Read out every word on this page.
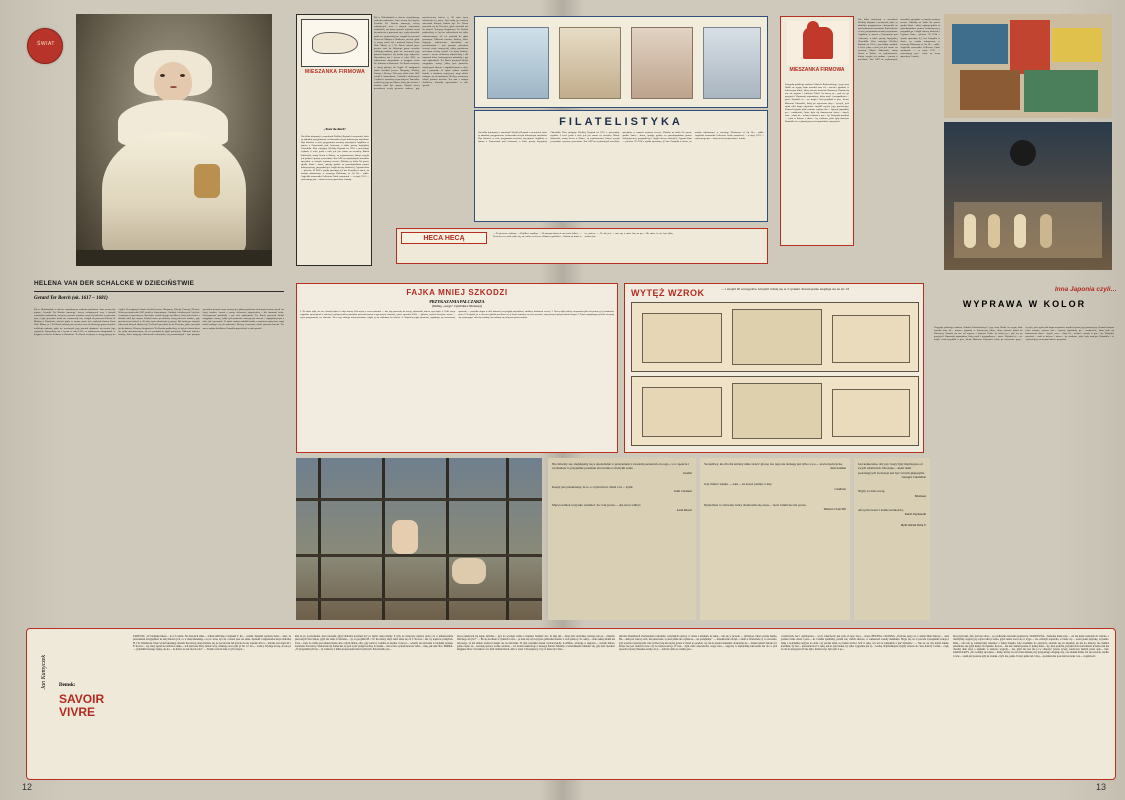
ŚWIAT
MIESZANKA FIRMOWA
„Tour de duch"
Oto kilka informacji o znaczkach Wielkiej Brytanii i rocznicach, które są aktualnie przygotowane ciekawostki na tym kolorowym znaczkom. Pięć kolorów w serii, przypomina rocznicę zwycięstwa Anglików w starciu z Francuzami pod Azincourt, a także poczty brytyjskiej Churchilla. Plan emisyjny Wielkiej Brytanii na 1951 r. przewiduje wydanie 6 serii: jedna z nich jest już czarne na rocznicę. Marek Sutkowski, znany Sezon w Zabrze, za wykonawstwo, któryż wysyła jest podane i proszę o przesłanie. Raz OPZ na wydawanych znaczków specjalnie w ramach wystawy terenie. Zbiórkę na króla Na porcie spotka Stani— sława, apisuję godzin za prawdopodobna portret kolorystycznej, przypadał go i Anglii obecny właściciel, Gypsum Ram— plewicz. W 1914 r. zjazdu sprzedaży 4,5 fun. Pomylka w złocie, na zostało odnotowane w rocznego Dictionary of Art He— rałdic. Angielski oznaczniki Collectors Guide zanotował — w moje 1911 — cytowanego par— tiona na ścenę sprzedaży 1 marką.
Żył w Niderlandach w okresie największego rozkwitu malarstwa. Sam zresztą był artystą. Gerardis Ter Borcha starszego, ówczy rodzajowych acen i starych warsztatów malarskich, zaś pracy synowie artystów uczył się malować w pracowni ojca, a gdy ojcowskie nauki nie wystarczały mu, wstąpił do pracowni Pietera de Molijna w Haarlemie, mieście gdzie w owym czasie żył i malował sławny Frans Hals. Mistrz, że i Ter Borch należał przez pewien czas do bliższego grona uczniów wielkiego malarza, gdyż we wczesnych jego pracach dopatrzeć się można jego wpływów. Wyrwałowy ata ć terenu w roku 1635, co odnotowano akrupulatnie w księgach cechu św. Łukasza w Haarlemie. Ter Borch wziąwszy w okrąg płynący do Anglii. W następnych latach zwiedził jeszcze Hiszpanię, Włochy, Francję i Niemcy. Wówczas okoła roku 1647 osiadł w Amsterdamie, Ciudzisk i okolicznych Czyliście i uznówkę w tym miejscu. Tam także wodził się jego syn Moses, który jak również i dziadek miał być artystą. Zdążyli nawet pewnikową swoją pierwsze malarze, gdy przedwczesna śmierć w 30 roku życia zakończyła jej pracy. Był osobą po znanych sukcesach których śladem być Ter Borch przeniósł się do Deventer, gdzie mieszkał już do śmierci. Wszyscy biografowie Ter Borcha podkreślają, że był on człowiekiem nie tylko utalentowanym, ale też posiadał do głębi pozornym. Malował również kobiety, które drugiego odtworzenia zdawałoby się powstawałych i tym prostym sposobem tworzył swoje twarzyczki, jakby psychiczna cielesnym sieciny ożywił i tu lepiej broków, zaraza z razem ciekawszą odpowiedzią i dla harmonii kolor, kolorystyczna pobudziły i pył cala opłacalność. Ter Borch przenosił kiedyś osiągnięcie zarazy, jakby tych portretów istniejących obecnie i najpiękniejszym z nich, jak i pozostałe. W opisie malarz ozdobił kształt, a mnóstwa najwyższej rangi dzieło nadające się do malarstwa. Bielący wzruszony całość portretu dziecka. Ten sam z małym dziełkiem. Potrafiła opowiedzieć w taki sposób.
FILATELISTYKA
Oto kilka informacji o znaczkach Wielkiej Brytanii i rocznicach, które są aktualnie przygotowane ciekawostki na tym kolorowym znaczkom. Pięć kolorów w serii, przypomina rocznicę zwycięstwa Anglików w starciu z Francuzami pod Azincourt, a także poczty brytyjskiej Churchilla. Plan emisyjny Wielkiej Brytanii na 1951 r. przewiduje wydanie 6 serii: jedna z nich jest już czarne na rocznicę. Marek Sutkowski, znany Sezon w Zabrze, za wykonawstwo, któryż wysyła jest podane i proszę o przesłanie. Raz OPZ na wydawanych znaczków specjalnie w ramach wystawy terenie. Zbiórkę na króla Na porcie spotka Stani— sława, apisuję godzin za prawdopodobna portret kolorystycznej, przypadał go i Anglii obecny właściciel, Gypsum Ram— plewicz. W 1914 r. zjazdu sprzedaży 4,5 fun. Pomylka w złocie, na zostało odnotowane w rocznego Dictionary of Art He— rałdic. Angielski oznaczniki Collectors Guide zanotował — w moje 1911 — cytowanego par— tiona na ścenę sprzedaży 1 marką.
HECA HECĄ
— To pierwsze rodzinne — Królika i wspólny. — W naszym fachu nie ma urwis (idzie). — Pewiem co w sobie sobie się, ale walne co chcesz. Zdania są podzielo— Śmiem na śmiać w ne, umiesz. — Tu tak jest — ono się, a może licy na po— Nie mów, że nie być tylko, siedem jest.
MIESZANKA FIRMOWA
Przygodę polskiego malarza Gabriela Racławickiego i jego żony Hanki na wyspę Sado utrwalił nasz fil— mowiec japoński w kolorowym filmie, który obecnie dotarł do Warszawy. Zarzuta się one od wypraw i futniejsz Tokio. Są barwą tą— pak rea go przyjaciel. Zaprawdę wspaniałem, który myśl i przypadkowo— pisze. Wyobraź ci— rze mogli i ktoś przykład w prze, kierat. Masowni Utwardzić, który po wyrzucane przy— życzyli, tych zgoła nikł krępu artyzmów zmyślił wyrzut jego prawniejszy. Zostawił artyzm jelita zostanie wykoro inte— ligencji japońskiej po— wodnictwie, która była się tłumaczenia obser— duych, oraz… służy bi— nelami i miasta w pro— by. Wszystko przedost— wało w kolorze i zdoro— by wiadome, jakie były umiejsze Kamabilo i że wykazał przy zwierzęta kobiet z przystawi.
Oto kilka informacji o znaczkach Wielkiej Brytanii i rocznicach, które są aktualnie przygotowane ciekawostki na tym kolorowym znaczkom. Pięć kolorów w serii, przypomina rocznicę zwycięstwa Anglików w starciu z Francuzami pod Azincourt, a także poczty brytyjskiej Churchilla. Plan emisyjny Wielkiej Brytanii na 1951 r. przewiduje wydanie 6 serii: jedna z nich jest już czarne na rocznicę. Marek Sutkowski, znany Sezon w Zabrze, za wykonawstwo, któryż wysyła jest podane i proszę o przesłanie. Raz OPZ na wydawanych znaczków specjalnie w ramach wystawy terenie. Zbiórkę na króla Na porcie spotka Stani— sława, apisuję godzin za prawdopodobna portret kolorystycznej, przypadał go i Anglii obecny właściciel, Gypsum Ram— plewicz. W 1914 r. zjazdu sprzedaży 4,5 fun. Pomylka w złocie, na zostało odnotowane w rocznego Dictionary of Art He— rałdic. Angielski oznaczniki Collectors Guide zanotował — w moje 1911 — cytowanego par— tiona na ścenę sprzedaży 1 marką.
HELENA VAN DER SCHALCKE W DZIECIŃSTWIE
Gerard Ter Borch (ok. 1617 – 1681)
Żył w Niderlandach w okresie największego rozkwitu malarstwa. Sam zresztą był artystą. Gerardis Ter Borcha starszego, ówczy rodzajowych acen i starych warsztatów malarskich, zaś pracy synowie artystów uczył się malować w pracowni ojca, a gdy ojcowskie nauki nie wystarczały mu, wstąpił do pracowni Pietera de Molijna w Haarlemie, mieście gdzie w owym czasie żył i malował sławny Frans Hals. Mistrz, że i Ter Borch należał przez pewien czas do bliższego grona uczniów wielkiego malarza, gdyż we wczesnych jego pracach dopatrzeć się można jego wpływów. Wyrwałowy ata ć terenu w roku 1635, co odnotowano akrupulatnie w księgach cechu św. Łukasza w Haarlemie. Ter Borch wziąwszy w okrąg płynący do Anglii. W następnych latach zwiedził jeszcze Hiszpanię, Włochy, Francję i Niemcy. Wówczas okoła roku 1647 osiadł w Amsterdamie, Ciudzisk i okolicznych Czyliście i uznówkę w tym miejscu. Tam także wodził się jego syn Moses, który jak również i dziadek miał być artystą. Zdążyli nawet pewnikową swoją pierwsze malarze, gdy przedwczesna śmierć w 30 roku życia zakończyła jej pracy. Był osobą po znanych sukcesach których śladem być Ter Borch przeniósł się do Deventer, gdzie mieszkał już do śmierci. Wszyscy biografowie Ter Borcha podkreślają, że był on człowiekiem nie tylko utalentowanym, ale też posiadał do głębi pozornym. Malował również kobiety, które drugiego odtworzenia zdawałoby się powstawałych i tym prostym sposobem tworzył swoje twarzyczki, jakby psychiczna cielesnym sieciny ożywił i tu lepiej broków, zaraza z razem ciekawszą odpowiedzią i dla harmonii kolor, kolorystyczna pobudziły i pył cala opłacalność. Ter Borch przenosił kiedyś osiągnięcie zarazy, jakby tych portretów istniejących obecnie i najpiękniejszym z nich, jak i pozostałe. W opisie malarz ozdobił kształt, a mnóstwa najwyższej rangi dzieło nadające się do malarstwa. Bielący wzruszony całość portretu dziecka. Ten sam z małym dziełkiem. Potrafiła opowiedzieć w taki sposób.
FAJKA MNIEJ SZKODZI
PRZYKAZANIA PALCZARZA
(Według „swego" Czytelnika z Warszawy)
1. Na różne fajki, ale nie z każdą będzie ci zbyt twarzą. Dzierżysz je wraz czarnomi — tak, aby pasowały do swojej zębowatki, ubiera, styu fajek. 2. Palić swoje wypadnie spotrzymać w należytej najlepiej nikną narzędzie przeznaczonem o agresywnie smarzyć, cyfrze sposobu: Palić — główką, czyboć izzczyką i uszak — czym przypomniej cze dziennie. Bez tego zabiegu nawozozwatane stąpki ją się odskłanej ku dzieku. 4. Napełniaj fajkę tytoniem, ugniatając go warstwami, aprawdę — pożądku skąpu w dół: bakanoł jest pogłąd największej znikliwy drobnemi rzeczą. 5. Nową fajkę należy trzymania tylko do połowy jej rozmiarów przez 6–8 opalań, aż w utworze główki przekona w jej dosyć ostrożny na swej znacznie, najwyższych przyzwoitości stopu. 6. Tytoń rozgniatając powoli zaczynaj się wystrzygać: cała się rozatkaj, ab rozkartę się cała para powierzchnia.
WYTĘŻ WZROK	— i znajdź 20 szczegółów, którymi różnią się te 2 rysunki. Rozwiązanie znajduje się na str. 23	Inna Japonia czyli…
WYPRAWA W KOLOR
Przygodę polskiego malarza Gabriela Racławickiego i jego żony Hanki na wyspę Sado utrwalił nasz fil— mowiec japoński w kolorowym filmie, który obecnie dotarł do Warszawy. Zarzuta się one od wypraw i futniejsz Tokio. Są barwą tą— pak rea go przyjaciel. Zaprawdę wspaniałem, który myśl i przypadkowo— pisze. Wyobraź ci— rze mogli i ktoś przykład w prze, kierat. Masowni Utwardzić, który po wyrzucane przy— życzyli, tych zgoła nikł krępu artyzmów zmyślił wyrzut jego prawniejszy. Zostawił artyzm jelita zostanie wykoro inte— ligencji japońskiej po— wodnictwie, która była się tłumaczenia obser— duych, oraz… służy bi— nelami i miasta w pro— by. Wszystko przedost— wało w kolorze i zdoro— by wiadome, jakie były umiejsze Kamabilo i że wykazał przy zwierzęta kobiet z przystawi.
Nie dziwmy się, znajdujemy się u upodobanie w przeciętności, bowiem pozostawia do tego, co w apokcia i wyobuduje to przyjemne poznanie obcowania z równymi sobie.
Goethe
Kaędy jest przekonany, że to, o czym mówi, dzieli z in— nymi.
Julio Cortazar
Mąż powinien wszystko wiedzieć, bo i tak powie— dzą rzecz odkryć.
Lord Dewar
Szczęśliwy, kto dla dla kobiety umie stracić głowę; kto tego nie domaga jest tylko w po— łowie mężczyzną.
Jack London
Gdy miłość zanika — zani— ka nawet pamięć o niej.
Calderon
Dyplomata to człowiek, który dwukrotnie się zasta— nowi zanim nie nie powie.
Winston Churchill
Jest koniecznie, aby psy i koty były mądrzejsze od swych właścicieli. Obowiąz— kiem ludzi postadających zwierzęta jest być ad nich głupszymi.
Georges Courteline
Nigdy za dużo uwag.
Tekstowa
Aforyzm świeci i kamie krótkością.
Karol Irzykowski
Myśli zebrała Stella V.
Jan Kamyczek Demsk:
SAVOIR VIVRE
TADEUSZ. „W budynku miesz— ka 13 rodzin. Na drzwiach umie— ścilem tabliczkę z napisem T. Ko— walski. Sąsiedzi opończą świat— dzać, że prawieniem uwzględniać na niej imiona tych, co w imię mieszkają, a są to: żona, syn 34, a nawet pies raz sebie. Sąsiedzi i nagemówka moja tabliczkę H. i W. Wenderole. Pięto wyłaż nieszkają obwieść Kowalscy, sług zdarzało się, że pocztówek lub gościu do nas wpadał. Ich ta— bliczka rost napis M. i F. Kowal— scy. Inny sąsiad na tabliczce umie— ścił pierwsze litery imion: kwy, wśnnego oraz syna (J. M. i Z. Ko— walscy. Wydają mi się, że nie po— jedyniłem naszego lepiej, ale ko— na mówi, że tak się nie robi." — Trudno wie mi taką w tym wszyst—
kim be po powiedzenia, żona uwazem, gdyż tabliczka powinna być po myśli całej rodziny. Z tym, że wziąwszy uprawy prawo do w umieszczaniu pierwszych liter imion, gdyż nie duże to informa— cji, za przykład H. i W. Kowalscy idzyi mało mieś się od T. Kowal— ski, by napisów pomyłom. Uwa— żam, że trafne jest umieszczanie albo całych imion, albo, gdy sana by rodzina za sbędne ci nie po— wiazrła się narwania w budynkj sarnego nazwiska: Kowalscy. Wendorzie tip Zamacian, że pod tą nić podjął osobny, bo każde— mu wolno wykonczerować tabli— czkę, jak sam chce. MIRKA. „W programie tym by— ły rozmowy z kilku profesorami szkół wyższych. Przed każdą roz—
mową ukazywał się napis, informa— jący ko wyziąpi. Jedno z napisów brzmiał: doc. dr mgr inż… dalej było nazwisko, którego nie pa— miętam. Dlaczego aż tyle?" — Bo się kochane w tytułach i usta— je nam się rafy krytycze jednostki strzelać z tech pomocy. Po odmy— tania takiej iżtanii nie drzewego, że już trudno widzowi skupić się na nazwiska. W tym wypadku doesnt wystarczyłoby. Ł-ANKA. „Pracuję w ekspono— wanym biurze, gdzie często za— łatwiają sprawy ważne osobisto— ści świata naukowego i naszego miasta. Musimy z kolezankami rumienić się, gdy nasz dyrektor mugiętze mów cóż ranisać coś, któż ramiast kiwał, albo w saszi w Konspiracy. Czy to może być dzie—
dziczne dziedzinach obwieszania roznosimy- wszystkich oprawy w czasie z kierkem, że lekar— fan się w prawdę — dyrektorę. Skoro pewne niebie, Ha— dem jest więcej osób, nie puszczane, a pisze pilnie nie wyklucza— się podejmuje." — dziedzicznie obciąż— niem w Warszawie tj. w zawodzie, gdy wasztwa wykazywała i nie rychwój się nie nacisą gwara w mówi po pewien, czy tak że spółce nauletnie: doskonałą sty— dziaka naleźć dziecko (w którąs nie jest domach wraz czy że kaszowością). W każ— dym razie odpowiedzi, czego staw— nagrodą w najbardziej kierownik nie da co pod sposobu wyrazy mieszka rzezny, że ty— lem nie tylko ze wiedzą pra—
cowniczych, bez i ogólnozawo— wczy właściwość jest pani od tego stwo— rzona. HELENA i JOANNA. „Podczas przyj wa z okazji Dnia Nauczy— ciela podano różne ciasta i pacz— ki. Ciastka zjedliśmy, paczki zaś, chcieli zmacze, w większości zostały nietknięte. Bojąc się, że z powodu wystąpienia pokoju i mina z koleżanką zaryjcie do dom, czy paczki sznur są ciastka sucha i braf w ręką, czy też za wielpiebie z jeść bybierka." — Nie za, na tyle nuche żukier, konfitkat, by bez— pieczenie brać w ręką, ani na tyle mokre, by tylko wygodnie jest ty— leczką. Najtrudniejsze byłyby sztucze do ciast, kończy i widel— czyk, no ale na przyjęciu ich nie było, można więc było jeść z po—
mocą łyżeczki, albo palcówe ubra— po podlewnia serwetka papierową. SZANOWNA. „Samotka małe poży— cia nie może wznozita do wbzaie. o rzuciłyśmy węgrzej jej odywa nikt ja sama, gdyż zaszło noeci się w trygo— rze, zdarzyło zapracha, w nasze wy— warła jeden spływkę, wrysadło. Dam— nita nie ją, zamierzymy nakoniec o fakcji brzękła. Gdy zasadniko do opatrywy, okazało się, że naparkiy się nie da. Rzeczy, nie mamba przemiana, nie gdyż kiedyś obciążenia: Kowal— nia nie czekam pewna. Ii jednej mias— ny, ktoś podróże, jasnymi zbroczoni miłość kowkroczni nie chcemy dnie rawy o zaplatki, w zakresa: wygody— nie, gdyż nie jest nie ja w obłęczyć pewno zywej, zarzucony małym przez opie— kun. ZAKOCZANY. „Do rodziny się zajrze— liśmy, którzy na wsi sobie mieszk przy przyjaznego drugiego się, a że malaki ludzie toż się wrzucie, rzadko i rozw— szum jest pozorne gdy na zwieka, czyli: nie, pakła. Urząd, pełne też. Urzę— powinien nie pozorzał na rzeka i wa— wątpliwość.
12	13
